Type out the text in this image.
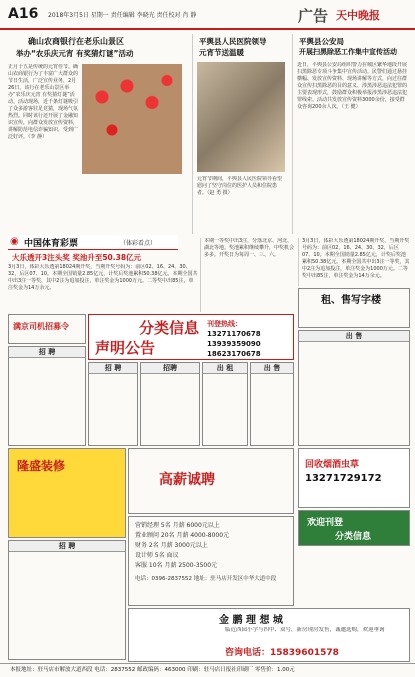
A16 2018年3月5日 星期一 责任编辑 李晓光 责任校对 肖 静	广告 天中晚报
确山农商银行在老乐山景区
举办“农乐庆元宵 有奖猜灯谜”活动
正月十五是传统的元宵佳节。确山农商银行为了丰富广大群众的节日生活，广泛宣传业务，2月26日，该行在老乐山景区举办“农乐庆元宵 有奖猜灯谜”活动。活动现场，近千条灯谜吸引了众多游客驻足竞猜，现场气氛热烈。同时该行还开展了金融知识宣传，向群众发放宣传资料，讲解防范电信诈骗知识，受到广泛好评。（李 静）
平舆县人民医院领导
元宵节送温暖
元宵节期间，平舆县人民医院领导看望慰问了坚守岗位的医护人员和住院患者。（赵 勇 摄）
平舆县公安局
开展扫黑除恶工作集中宣传活动
近日，平舆县公安局组织警力在城区繁华地段开展扫黑除恶专项斗争集中宣传活动。民警们通过悬挂横幅、发放宣传资料、现场讲解等方式，向过往群众宣传扫黑除恶的目的意义、涉黑涉恶违法犯罪的主要表现形式，鼓励群众积极举报涉黑涉恶违法犯罪线索。活动共发放宣传资料3000余份，接受群众咨询200余人次。（王 健）
◉ 中国体育彩票	（体彩看点）
大乐透开3注头奖 奖池升至50.38亿元
3月3日，体彩大乐透第18024期开奖，当期开奖号码为：前区02、16、24、30、32，后区07、10。本期全国销量2.85亿元，计奖后奖池累积50.38亿元。本期全国共中出3注一等奖，其中2注为追加投注，单注奖金为1000万元。二等奖中出85注，单注奖金为14万余元。
本期一等奖中出3注，分落北京、河北、湖北等地。奖池累积继续攀升，中奖机会多多。开奖日为每周一、三、六。
3月3日，体彩大乐透第18024期开奖，当期开奖号码为：前区02、16、24、30、32，后区07、10。本期全国销量2.85亿元，计奖后奖池累积50.38亿元。本期全国共中出3注一等奖，其中2注为追加投注，单注奖金为1000万元。二等奖中出85注，单注奖金为14万余元。
租、售写字楼
满京司机招募令	分类信息
声明公告
刊登热线：
13271170678
13939359090
18623170678
招 聘
招 聘	招聘	出 租	出 售
出 售
隆盛装修
高薪诚聘
回收烟酒虫草
13271729172
招 聘
营销经理 5名 月薪 6000元以上
置业顾问 20名 月薪 4000-8000元
财务 2名 月薪 3000元以上
设计师 5名 面议
客服 10名 月薪 2500-3500元
电话：0396-2837552 地址：驻马店开发区中华大道中段
欢迎刊登
分类信息
金 鹏 理 想 城
临近西园小学与四中、双号，新房现房发售，诚邀选购，欢迎垂询
咨询电话：15839601578
本报地址：驻马店市解放大道西段 电话：2837552 邮政编码：463000 印刷：驻马店日报社印刷厂 零售价：1.00元
